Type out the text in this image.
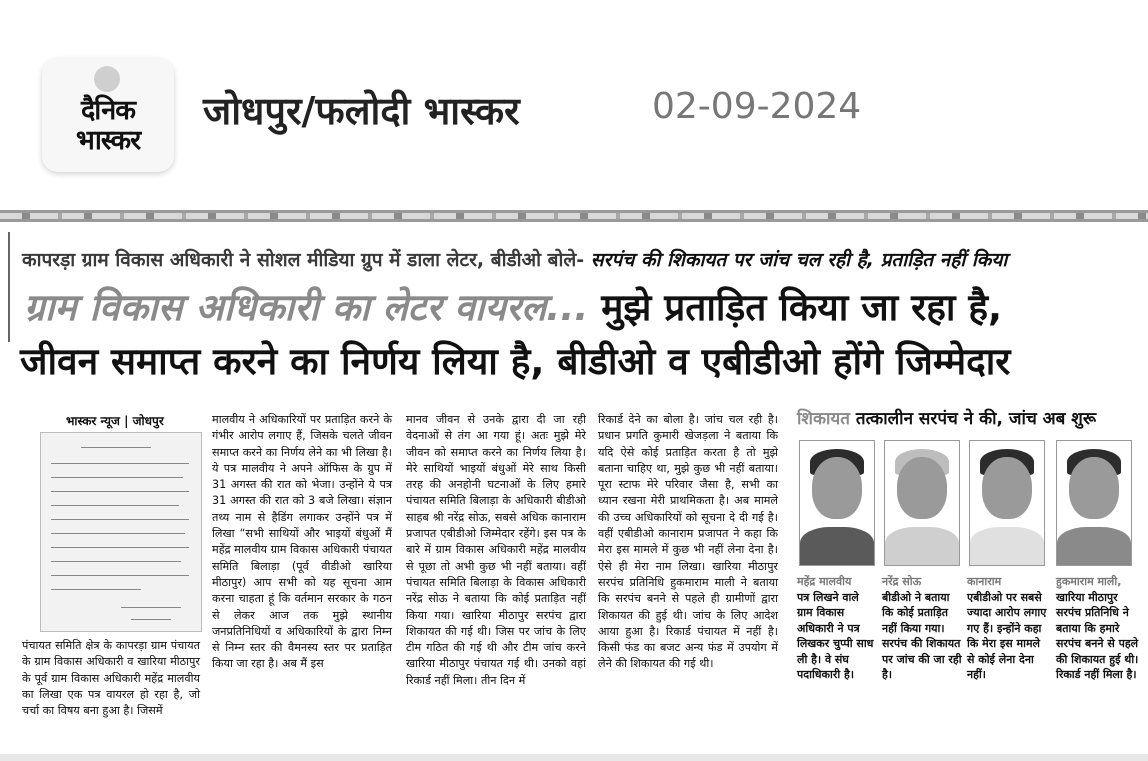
दैनिक
भास्कर
जोधपुर/फलोदी भास्कर	02-09-2024
कापरड़ा ग्राम विकास अधिकारी ने सोशल मीडिया ग्रुप में डाला लेटर, बीडीओ बोले- सरपंच की शिकायत पर जांच चल रही है, प्रताड़ित नहीं किया
ग्राम विकास अधिकारी का लेटर वायरल... मुझे प्रताड़ित किया जा रहा है,
जीवन समाप्त करने का निर्णय लिया है, बीडीओ व एबीडीओ होंगे जिम्मेदार
भास्कर न्यूज | जोधपुर
पंचायत समिति क्षेत्र के कापरड़ा ग्राम पंचायत के ग्राम विकास अधिकारी व खारिया मीठापुर के पूर्व ग्राम विकास अधिकारी महेंद्र मालवीय का लिखा एक पत्र वायरल हो रहा है, जो चर्चा का विषय बना हुआ है। जिसमें
मालवीय ने अधिकारियों पर प्रताड़ित करने के गंभीर आरोप लगाए हैं, जिसके चलते जीवन समाप्त करने का निर्णय लेने का भी लिखा है। ये पत्र मालवीय ने अपने ऑफिस के ग्रुप में 31 अगस्त की रात को भेजा। उन्होंने ये पत्र 31 अगस्त की रात को 3 बजे लिखा। संज्ञान तथ्य नाम से हैडिंग लगाकर उन्होंने पत्र में लिखा “सभी साथियों और भाइयों बंधुओं मैं महेंद्र मालवीय ग्राम विकास अधिकारी पंचायत समिति बिलाड़ा (पूर्व वीडीओ खारिया मीठापुर) आप सभी को यह सूचना आम करना चाहता हूं कि वर्तमान सरकार के गठन से लेकर आज तक मुझे स्थानीय जनप्रतिनिधियों व अधिकारियों के द्वारा निम्न से निम्न स्तर की वैमनस्य स्तर पर प्रताड़ित किया जा रहा है। अब मैं इस
मानव जीवन से उनके द्वारा दी जा रही वेदनाओं से तंग आ गया हूं। अतः मुझे मेरे जीवन को समाप्त करने का निर्णय लिया है। मेरे साथियों भाइयों बंधुओं मेरे साथ किसी तरह की अनहोनी घटनाओं के लिए हमारे पंचायत समिति बिलाड़ा के अधिकारी बीडीओ साहब श्री नरेंद्र सोऊ, सबसे अधिक कानाराम प्रजापत एबीडीओ जिम्मेदार रहेंगे। इस पत्र के बारे में ग्राम विकास अधिकारी महेंद्र मालवीय से पूछा तो अभी कुछ भी नहीं बताया। वहीं पंचायत समिति बिलाड़ा के विकास अधिकारी नरेंद्र सोऊ ने बताया कि कोई प्रताड़ित नहीं किया गया। खारिया मीठापुर सरपंच द्वारा शिकायत की गई थी। जिस पर जांच के लिए टीम गठित की गई थी और टीम जांच करने खारिया मीठापुर पंचायत गई थी। उनको वहां रिकार्ड नहीं मिला। तीन दिन में
रिकार्ड देने का बोला है। जांच चल रही है। प्रधान प्रगति कुमारी खेजड़ला ने बताया कि यदि ऐसे कोई प्रताड़ित करता है तो मुझे बताना चाहिए था, मुझे कुछ भी नहीं बताया। पूरा स्टाफ मेरे परिवार जैसा है, सभी का ध्यान रखना मेरी प्राथमिकता है। अब मामले की उच्च अधिकारियों को सूचना दे दी गई है। वहीं एबीडीओ कानाराम प्रजापत ने कहा कि मेरा इस मामले में कुछ भी नहीं लेना देना है। ऐसे ही मेरा नाम लिखा। खारिया मीठापुर सरपंच प्रतिनिधि हुकमाराम माली ने बताया कि सरपंच बनने से पहले ही ग्रामीणों द्वारा शिकायत की हुई थी। जांच के लिए आदेश आया हुआ है। रिकार्ड पंचायत में नहीं है। किसी फंड का बजट अन्य फंड में उपयोग में लेने की शिकायत की गई थी।
शिकायत तत्कालीन सरपंच ने की, जांच अब शुरू
महेंद्र मालवीय
पत्र लिखने वाले ग्राम विकास अधिकारी ने पत्र लिखकर चुप्पी साध ली है। वे संघ पदाधिकारी है।
नरेंद्र सोऊ
बीडीओ ने बताया कि कोई प्रताड़ित नहीं किया गया। सरपंच की शिकायत पर जांच की जा रही है।
कानाराम
एबीडीओ पर सबसे ज्यादा आरोप लगाए गए हैं। इन्होंने कहा कि मेरा इस मामले से कोई लेना देना नहीं।
हुकमाराम माली,
खारिया मीठापुर सरपंच प्रतिनिधि ने बताया कि हमारे सरपंच बनने से पहले की शिकायत हुई थी। रिकार्ड नहीं मिला है।
